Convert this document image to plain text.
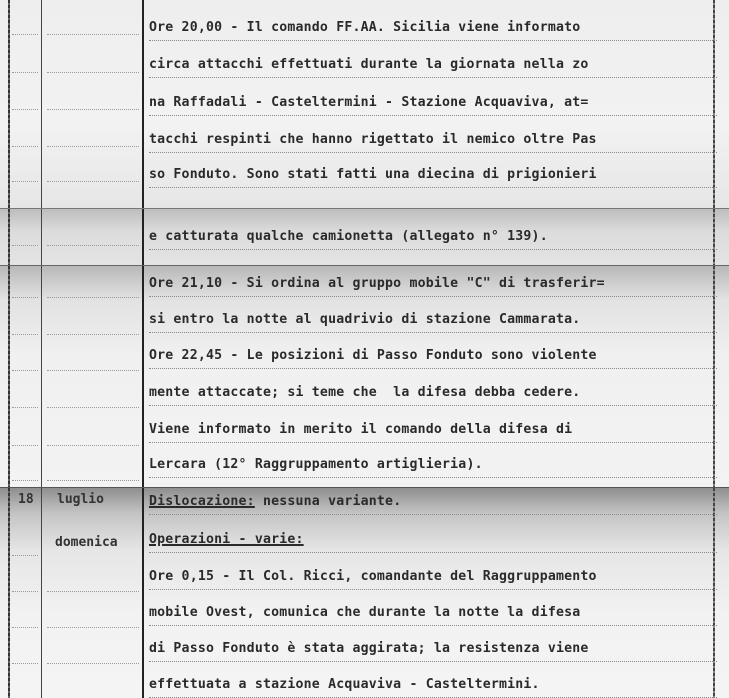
Ore 20,00 - Il comando FF.AA. Sicilia viene informato
circa attacchi effettuati durante la giornata nella zo
na Raffadali - Casteltermini - Stazione Acquaviva, at=
tacchi respinti che hanno rigettato il nemico oltre Pas
so Fonduto. Sono stati fatti una diecina di prigionieri
e catturata qualche camionetta (allegato n° 139).
Ore 21,10 - Si ordina al gruppo mobile "C" di trasferir=
si entro la notte al quadrivio di stazione Cammarata.
Ore 22,45 - Le posizioni di Passo Fonduto sono violente
mente attaccate; si teme che  la difesa debba cedere.
Viene informato in merito il comando della difesa di
Lercara (12° Raggruppamento artiglieria).
18 luglio
domenica
Dislocazione: nessuna variante.
Operazioni - varie:
Ore 0,15 - Il Col. Ricci, comandante del Raggruppamento
mobile Ovest, comunica che durante la notte la difesa
di Passo Fonduto è stata aggirata; la resistenza viene
effettuata a stazione Acquaviva - Casteltermini.
